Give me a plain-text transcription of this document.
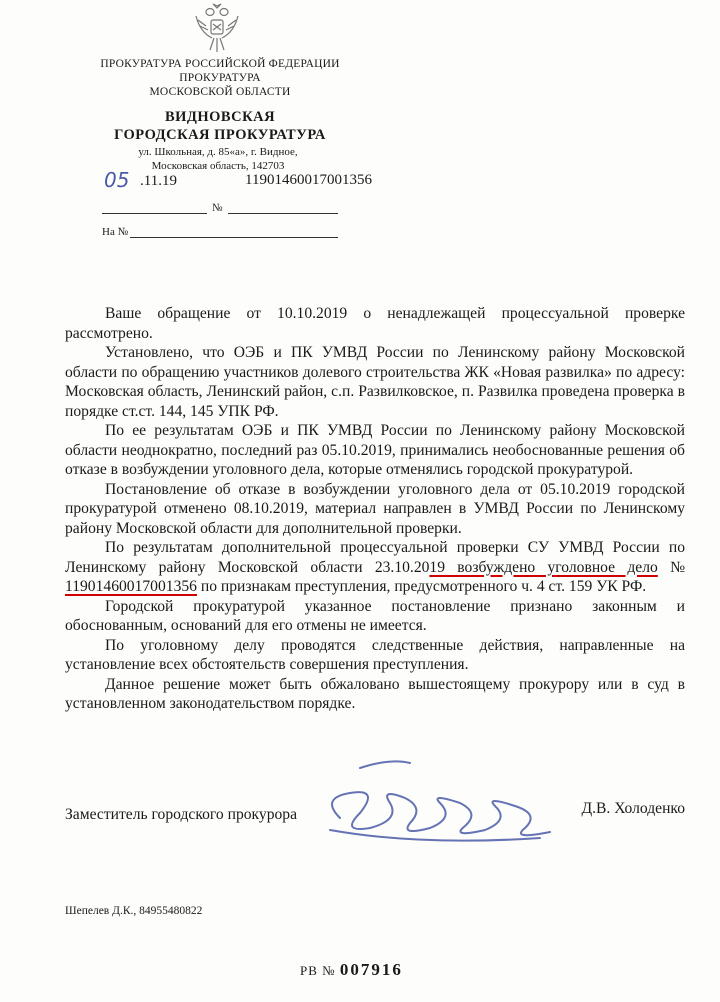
ПРОКУРАТУРА РОССИЙСКОЙ ФЕДЕРАЦИИ
ПРОКУРАТУРА
МОСКОВСКОЙ ОБЛАСТИ
ВИДНОВСКАЯ
ГОРОДСКАЯ ПРОКУРАТУРА
ул. Школьная, д. 85«а», г. Видное,
Московская область, 142703
05 .11.19	11901460017001356
№
На №

Ваше обращение от 10.10.2019 о ненадлежащей процессуальной проверке рассмотрено.

Установлено, что ОЭБ и ПК УМВД России по Ленинскому району Московской области по обращению участников долевого строительства ЖК «Новая развилка» по адресу: Московская область, Ленинский район, с.п. Развилковское, п. Развилка проведена проверка в порядке ст.ст. 144, 145 УПК РФ.

По ее результатам ОЭБ и ПК УМВД России по Ленинскому району Московской области неоднократно, последний раз 05.10.2019, принимались необоснованные решения об отказе в возбуждении уголовного дела, которые отменялись городской прокуратурой.

Постановление об отказе в возбуждении уголовного дела от 05.10.2019 городской прокуратурой отменено 08.10.2019, материал направлен в УМВД России по Ленинскому району Московской области для дополнительной проверки.

По результатам дополнительной процессуальной проверки СУ УМВД России по Ленинскому району Московской области 23.10.2019 возбуждено уголовное дело № 11901460017001356 по признакам преступления, предусмотренного ч. 4 ст. 159 УК РФ.

Городской прокуратурой указанное постановление признано законным и обоснованным, оснований для его отмены не имеется.

По уголовному делу проводятся следственные действия, направленные на установление всех обстоятельств совершения преступления.

Данное решение может быть обжаловано вышестоящему прокурору или в суд в установленном законодательством порядке.

Заместитель городского прокурора	Д.В. Холоденко
Шепелев Д.К., 84955480822
РВ № 007916
